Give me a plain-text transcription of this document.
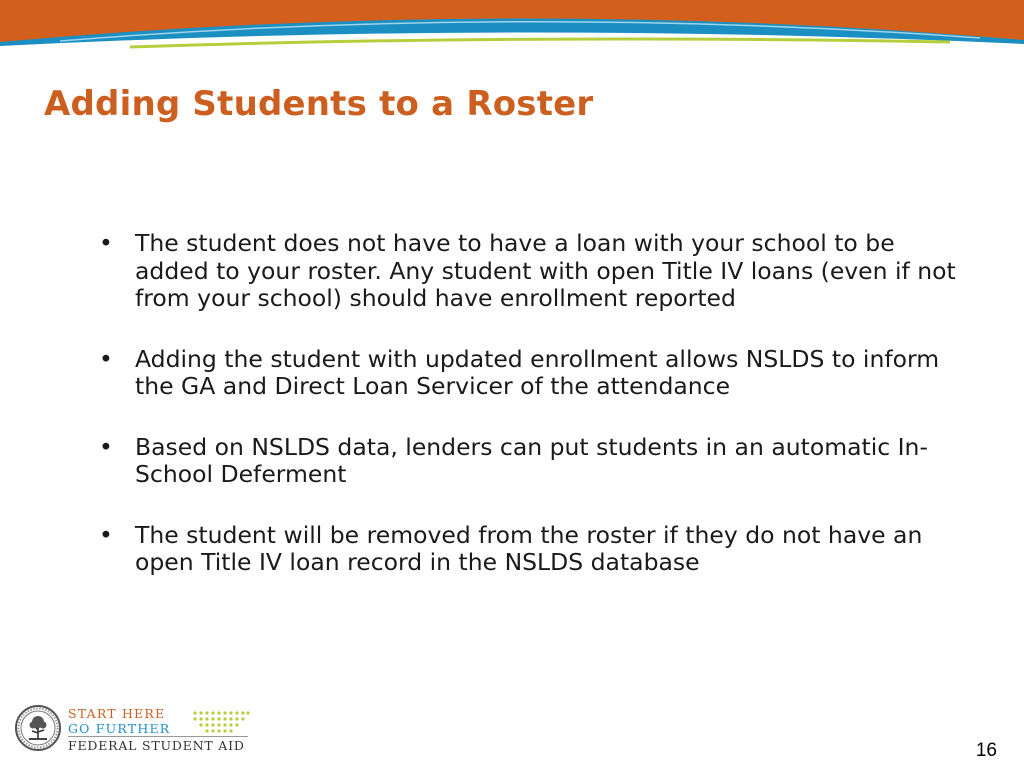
Adding Students to a Roster
• The student does not have to have a loan with your school to be added to your roster. Any student with open Title IV loans (even if not from your school) should have enrollment reported
• Adding the student with updated enrollment allows NSLDS to inform the GA and Direct Loan Servicer of the attendance
• Based on NSLDS data, lenders can put students in an automatic In-School Deferment
• The student will be removed from the roster if they do not have an open Title IV loan record in the NSLDS database
START HERE
GO FURTHER
FEDERAL STUDENT AID	16
